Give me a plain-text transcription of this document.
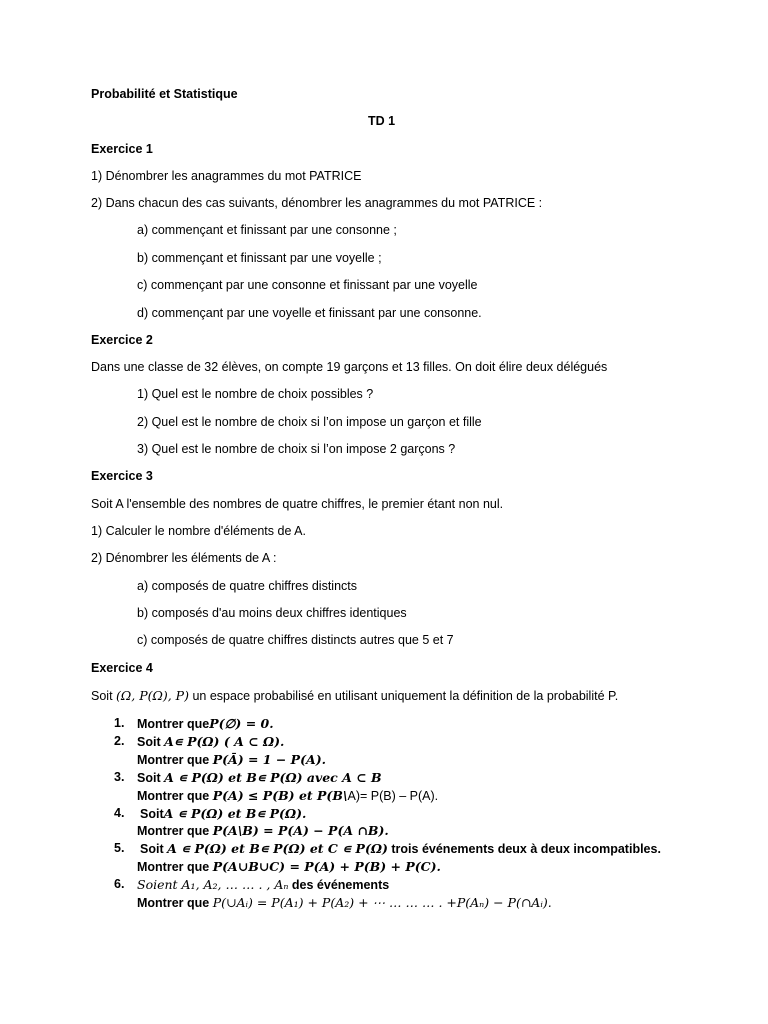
Probabilité et Statistique
TD 1
Exercice 1
1) Dénombrer les anagrammes du mot PATRICE
2) Dans chacun des cas suivants, dénombrer les anagrammes du mot PATRICE :
a) commençant et finissant par une consonne ;
b) commençant et finissant par une voyelle ;
c) commençant par une consonne et finissant par une voyelle
d) commençant par une voyelle et finissant par une consonne.
Exercice 2
Dans une classe de 32 élèves, on compte 19 garçons et 13 filles. On doit élire deux délégués
1) Quel est le nombre de choix possibles ?
2) Quel est le nombre de choix si l’on impose un garçon et fille
3) Quel est le nombre de choix si l’on impose 2 garçons ?
Exercice 3
Soit A l'ensemble des nombres de quatre chiffres, le premier étant non nul.
1) Calculer le nombre d'éléments de A.
2) Dénombrer les éléments de A :
a) composés de quatre chiffres distincts
b) composés d'au moins deux chiffres identiques
c) composés de quatre chiffres distincts autres que 5 et 7
Exercice 4
Soit (Ω, P(Ω), P) un espace probabilisé en utilisant uniquement la définition de la probabilité P.
1. Montrer queP(∅) = 0.
2. Soit A∊ P(Ω) ( A ⊂ Ω).
Montrer que P(Ā) = 1 − P(A).
3. Soit A ∊ P(Ω) et B∊ P(Ω) avec A ⊂ B
Montrer que P(A) ≤ P(B) et P(B\A)= P(B) – P(A).
4. SoitA ∊ P(Ω) et B∊ P(Ω).
Montrer que P(A\B) = P(A) − P(A ∩B).
5. Soit A ∊ P(Ω) et B∊ P(Ω) et C ∊ P(Ω) trois événements deux à deux incompatibles.
Montrer que P(A∪B∪C) = P(A) + P(B) + P(C).
6. Soient A₁, A₂, … … . , Aₙ des événements
Montrer que P(∪Aᵢ) = P(A₁) + P(A₂) + ⋯ … … … . +P(Aₙ) − P(∩Aᵢ).
